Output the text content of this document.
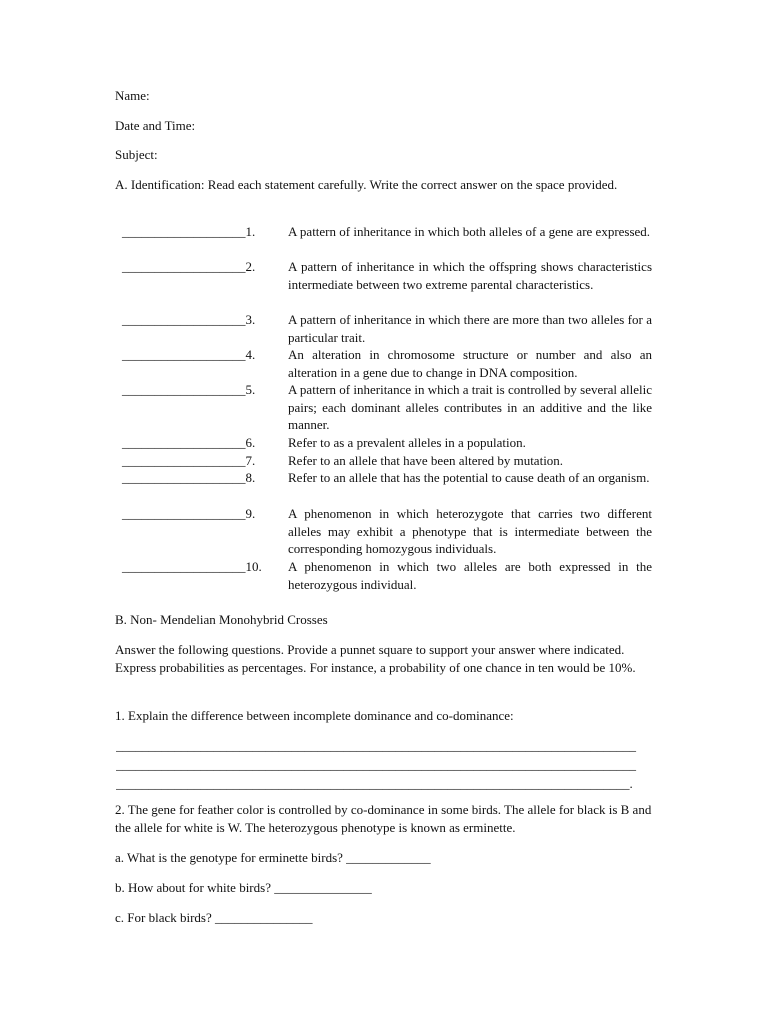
Name:
Date and Time:
Subject:
A. Identification: Read each statement carefully. Write the correct answer on the space provided.
___________________1.	A pattern of inheritance in which both alleles of a gene are expressed.
___________________2.	A pattern of inheritance in which the offspring shows characteristics intermediate between two extreme parental characteristics.
___________________3.	A pattern of inheritance in which there are more than two alleles for a particular trait.
___________________4.	An alteration in chromosome structure or number and also an alteration in a gene due to change in DNA composition.
___________________5.	A pattern of inheritance in which a trait is controlled by several allelic pairs; each dominant alleles contributes in an additive and the like manner.
___________________6.	Refer to as a prevalent alleles in a population.
___________________7.	Refer to an allele that have been altered by mutation.
___________________8.	Refer to an allele that has the potential to cause death of an organism.
___________________9.	A phenomenon in which heterozygote that carries two different alleles may exhibit a phenotype that is intermediate between the corresponding homozygous individuals.
___________________10. A phenomenon in which two alleles are both expressed in the heterozygous individual.
B. Non- Mendelian Monohybrid Crosses
Answer the following questions. Provide a punnet square to support your answer where indicated. Express probabilities as percentages. For instance, a probability of one chance in ten would be 10%.
1. Explain the difference between incomplete dominance and co-dominance:
________________________________________________________________________________
________________________________________________________________________________
_______________________________________________________________________________.
2. The gene for feather color is controlled by co-dominance in some birds. The allele for black is B and the allele for white is W. The heterozygous phenotype is known as erminette.
a. What is the genotype for erminette birds? _____________
b. How about for white birds? _______________
c. For black birds? _______________
